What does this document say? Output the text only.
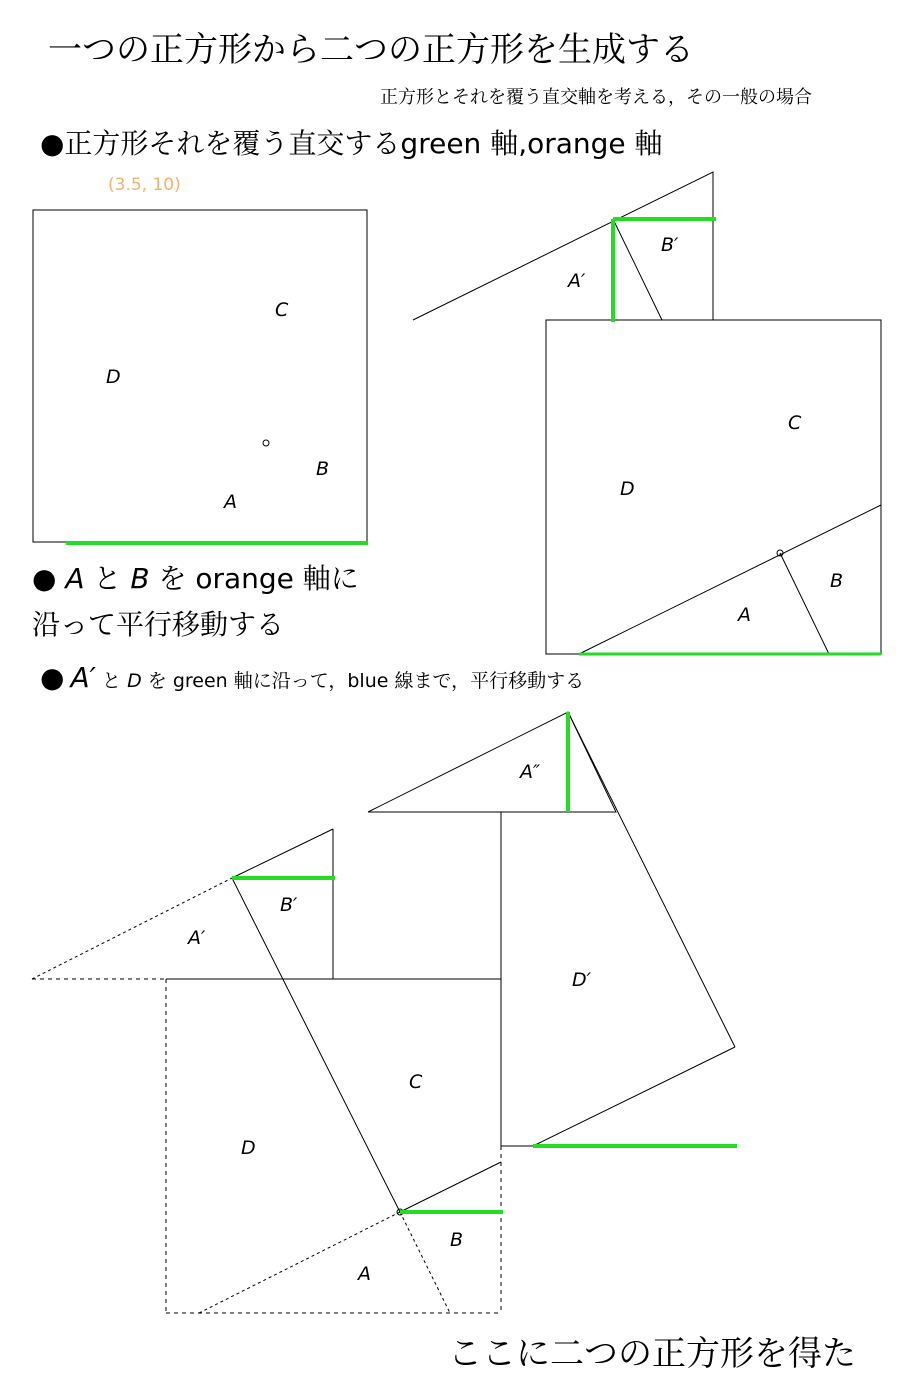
一つの正方形から二つの正方形を生成する
正方形とそれを覆う直交軸を考える，その一般の場合
●正方形それを覆う直交するgreen 軸,orange 軸
(3.5, 10)
● A と B を orange 軸に
沿って平行移動する
● A′ と D を green 軸に沿って，blue 線まで，平行移動する
C
D
B
A
A′
B′
C
D
A
B
A″
B′
A′
D′
C
D
B
A
ここに二つの正方形を得た
